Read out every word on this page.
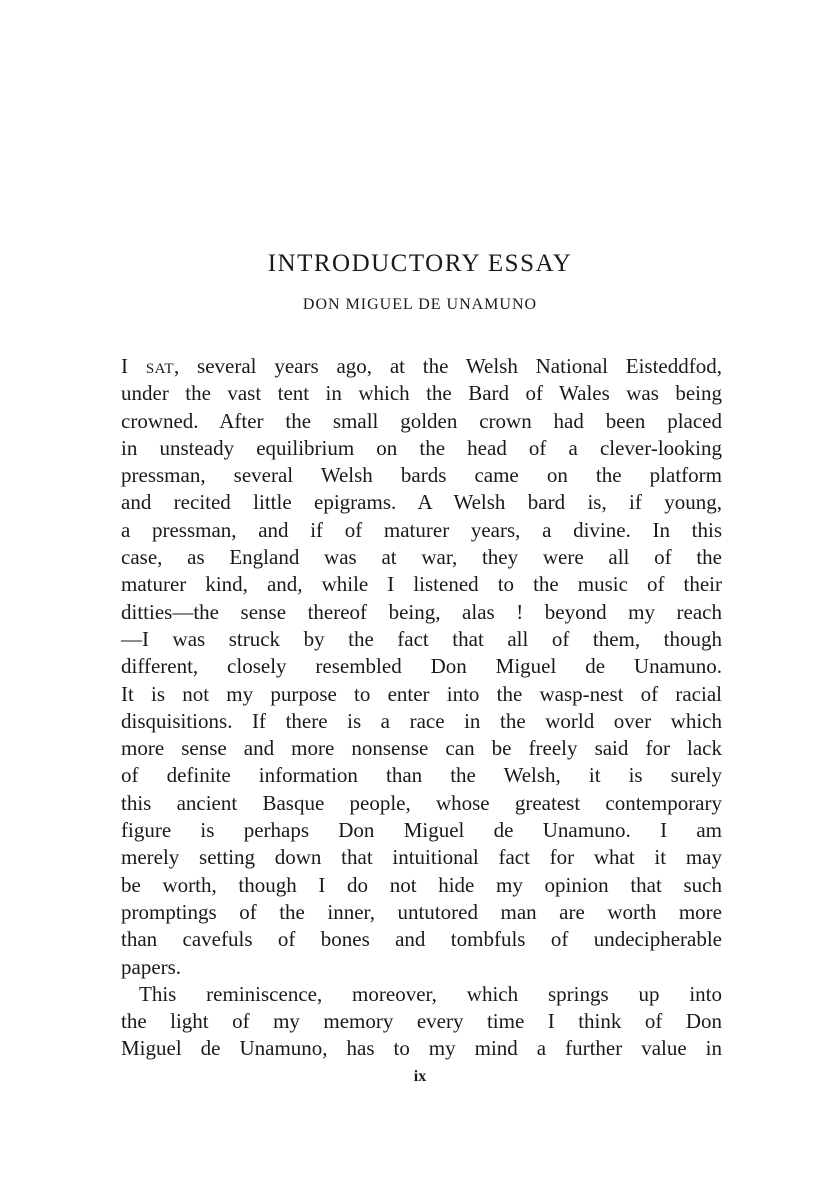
INTRODUCTORY ESSAY
DON MIGUEL DE UNAMUNO
I SAT, several years ago, at the Welsh National Eisteddfod,
under the vast tent in which the Bard of Wales was being
crowned. After the small golden crown had been placed
in unsteady equilibrium on the head of a clever-looking
pressman, several Welsh bards came on the platform
and recited little epigrams. A Welsh bard is, if young,
a pressman, and if of maturer years, a divine. In this
case, as England was at war, they were all of the
maturer kind, and, while I listened to the music of their
ditties—the sense thereof being, alas ! beyond my reach
—I was struck by the fact that all of them, though
different, closely resembled Don Miguel de Unamuno.
It is not my purpose to enter into the wasp-nest of racial
disquisitions. If there is a race in the world over which
more sense and more nonsense can be freely said for lack
of definite information than the Welsh, it is surely
this ancient Basque people, whose greatest contemporary
figure is perhaps Don Miguel de Unamuno. I am
merely setting down that intuitional fact for what it may
be worth, though I do not hide my opinion that such
promptings of the inner, untutored man are worth more
than cavefuls of bones and tombfuls of undecipherable
papers.
This reminiscence, moreover, which springs up into
the light of my memory every time I think of Don
Miguel de Unamuno, has to my mind a further value in
ix
